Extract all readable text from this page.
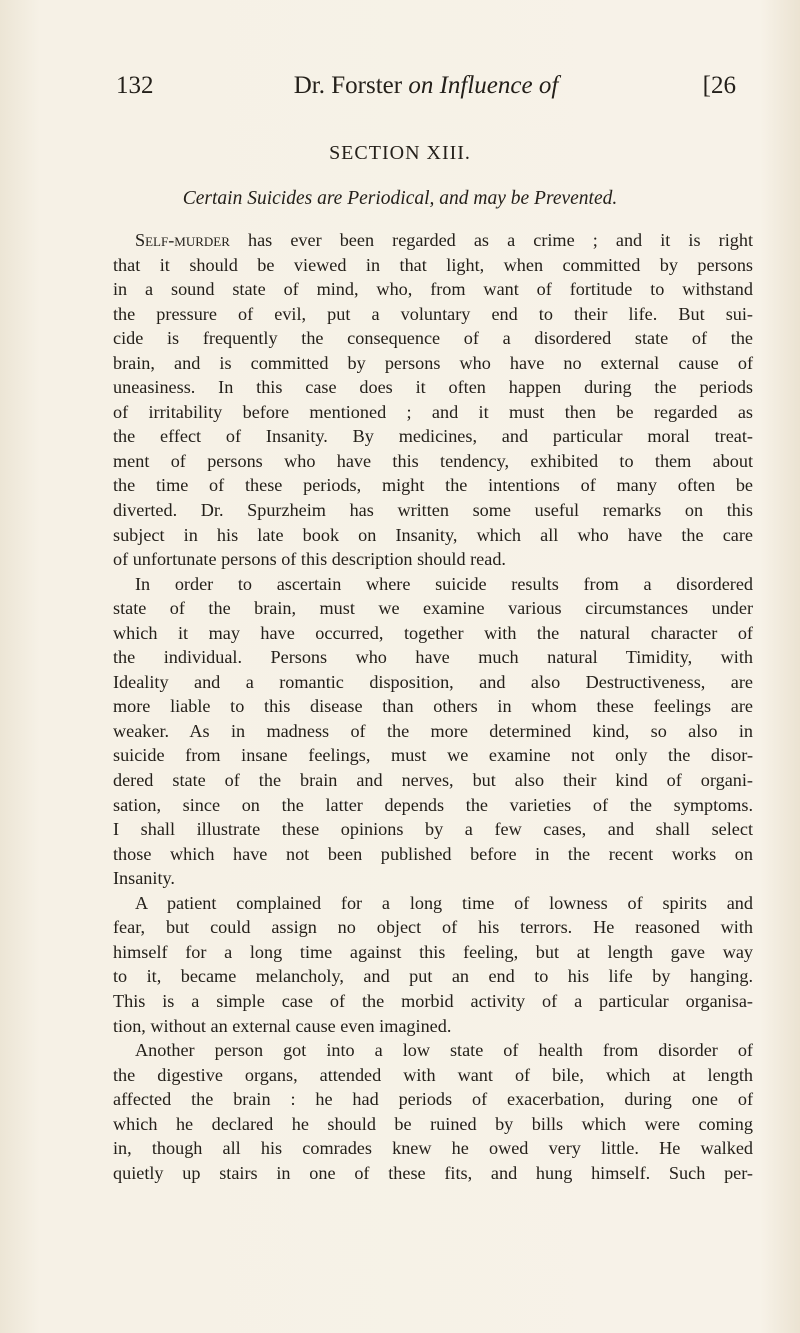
132	Dr. Forster on Influence of	[26
SECTION XIII.
Certain Suicides are Periodical, and may be Prevented.
Self-murder has ever been regarded as a crime ; and it is right
that it should be viewed in that light, when committed by persons
in a sound state of mind, who, from want of fortitude to withstand
the pressure of evil, put a voluntary end to their life. But sui-
cide is frequently the consequence of a disordered state of the
brain, and is committed by persons who have no external cause of
uneasiness. In this case does it often happen during the periods
of irritability before mentioned ; and it must then be regarded as
the effect of Insanity. By medicines, and particular moral treat-
ment of persons who have this tendency, exhibited to them about
the time of these periods, might the intentions of many often be
diverted. Dr. Spurzheim has written some useful remarks on this
subject in his late book on Insanity, which all who have the care
of unfortunate persons of this description should read.
In order to ascertain where suicide results from a disordered
state of the brain, must we examine various circumstances under
which it may have occurred, together with the natural character of
the individual. Persons who have much natural Timidity, with
Ideality and a romantic disposition, and also Destructiveness, are
more liable to this disease than others in whom these feelings are
weaker. As in madness of the more determined kind, so also in
suicide from insane feelings, must we examine not only the disor-
dered state of the brain and nerves, but also their kind of organi-
sation, since on the latter depends the varieties of the symptoms.
I shall illustrate these opinions by a few cases, and shall select
those which have not been published before in the recent works on
Insanity.
A patient complained for a long time of lowness of spirits and
fear, but could assign no object of his terrors. He reasoned with
himself for a long time against this feeling, but at length gave way
to it, became melancholy, and put an end to his life by hanging.
This is a simple case of the morbid activity of a particular organisa-
tion, without an external cause even imagined.
Another person got into a low state of health from disorder of
the digestive organs, attended with want of bile, which at length
affected the brain : he had periods of exacerbation, during one of
which he declared he should be ruined by bills which were coming
in, though all his comrades knew he owed very little. He walked
quietly up stairs in one of these fits, and hung himself. Such per-
